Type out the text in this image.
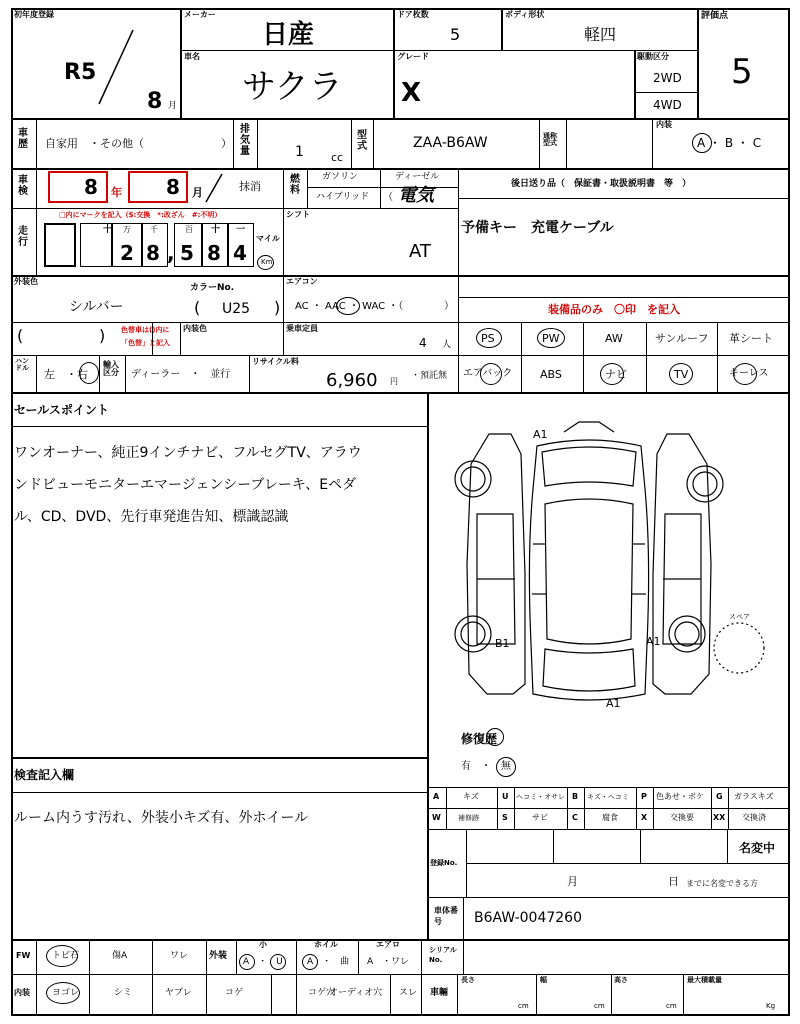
初年度登録
R5
8 月
メーカー
日産
ドア枚数
5
ボディ形状
軽四
評価点
5
車名
サクラ
グレード
X
駆動区分
2WD
4WD
車歴 自家用　・その他（	）
排気量	1 cc
型式	ZAA-B6AW	通称型式
内装
A ・ B ・ C
車検	8 年 8 月	抹消
燃料
ガソリン	ディーゼル
ハイブリッド （ 電気
後日送り品（　保証書・取扱説明書　等　）
走行
□内にマークを記入（$:交換　*:改ざん　#:不明）
十 万 千	百 十 一
2 8 , 5 8 4
マイル
Km
シフト
AT
予備キー　充電ケーブル
外装色
シルバー
カラーNo.
( U25 )
エアコン
AC ・ AAC ・ WAC ・（	）	装備品のみ　〇印　を記入
(	) 色替車は()内に
「色替」と記入
内装色	乗車定員
4 人	PS	PW	AW	サンルーフ 革シート
エアバック	ABS	ナビ	TV	キーレス
ハンドル 左　・右
輸入区分	ディーラー　・　並行
リサイクル料
6,960 円
・預託無
セールスポイント
ワンオーナー、純正9インチナビ、フルセグTV、アラウ
ンドビューモニターエマージェンシーブレーキ、Eペダ
ル、CD、DVD、先行車発進告知、標識認識
A1
B1	A1
A1
スペア
修復歴
有　・　無
検査記入欄
ルーム内うす汚れ、外装小キズ有、外ホイール
A	キズ	U ヘコミ・オサレ B キズ・ヘコミ P 色あせ・ボケ G ガラスキズ
W 補修跡	S	サビ	C	腐食	X	交換要 XX 交換済
登録No.
名変中
月	日 までに名変できる方
車体番号	B6AW-0047260
FW トビ石	傷A	ワレ 外装
小
A　・　U
ホイル
A　・　曲
エアロ
A　・ワレ
シリアルNo.
内装 ヨゴレ	シミ	ヤブレ	コゲ	コゲ穴
オーディオ穴 スレ 車輛
長さ
cm
幅
cm
高さ
cm
最大積載量
Kg
